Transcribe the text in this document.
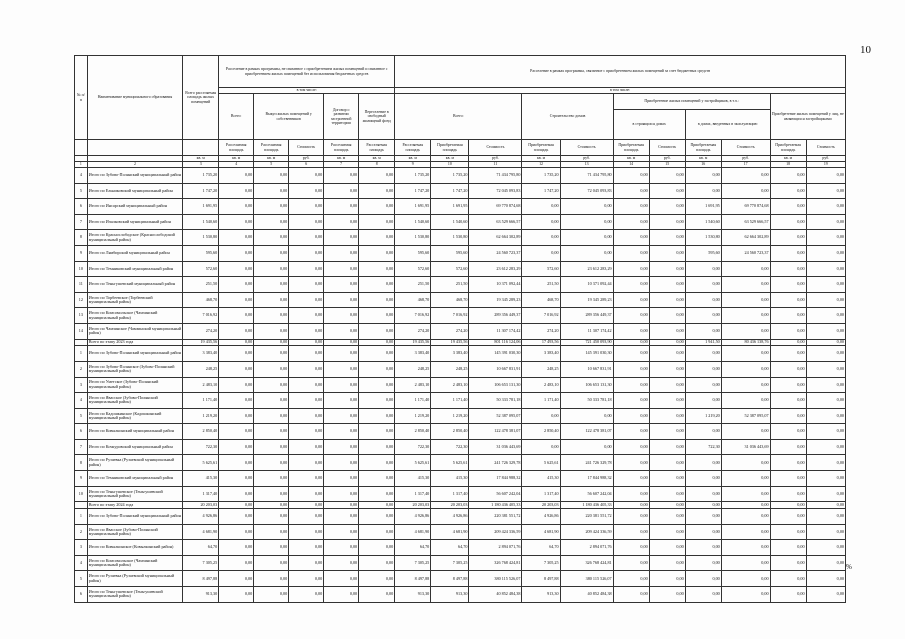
10
№ п/п	Наименование муниципального образования	Всего расселяемая площадь жилых помещений	Расселение в рамках программы, не связанное с приобретением жилых помещений и связанное с приобретением жилых помещений без использования бюджетных средств					Расселение в рамках программы, связанное с приобретением жилых помещений за счет бюджетных средств										
			в том числе:					в том числе:										
			Всего:	Выкуп жилых помещений у собственников		Договор о развитии застроенной территории	Переселение в свободный жилищный фонд	Всего:			Строительство домов		Приобретение жилых помещений у застройщиков, в т.ч.:				Приобретение жилых помещений у лиц, не являющихся застройщиками	
													в строящихся домах		в домах, введенных в эксплуатацию			
			Расселяемая площадь	Расселяемая площадь	Стоимость	Расселяемая площадь	Расселяемая площадь	Расселяемая площадь	Приобретаемая площадь	Стоимость	Приобретаемая площадь	Стоимость	Приобретаемая площадь	Стоимость	Приобретаемая площадь	Стоимость	Приобретаемая площадь	Стоимость
		кв. м	кв. м	кв. м	руб.	кв. м	кв. м	кв. м	кв. м	руб.	кв. м	руб.	кв. м	руб.	кв. м	руб.	кв. м	руб.
1	2	3	4	5	6	7	8	9	10	11	12	13	14	15	16	17	18	19
4	Итого по Зубово-Полянский муниципальный район	1 735,20	0,00	0,00	0,00	0,00	0,00	1 735,20	1 735,20	71 434 795,80	1 735,20	71 434 795,80	0,00	0,00	0,00	0,00	0,00	0,00
5	Итого по Ельниковский муниципальный район	1 747,20	0,00	0,00	0,00	0,00	0,00	1 747,20	1 747,20	72 045 093,83	1 747,20	72 045 093,83	0,00	0,00	0,00	0,00	0,00	0,00
6	Итого по Инсарский муниципальный район	1 691,95	0,00	0,00	0,00	0,00	0,00	1 691,95	1 691,95	69 770 874,68	0,00	0,00	0,00	0,00	1 691,95	69 770 874,68	0,00	0,00
7	Итого по Ичалковский муниципальный район	1 540,60	0,00	0,00	0,00	0,00	0,00	1 540,60	1 540,60	63 529 666,57	0,00	0,00	0,00	0,00	1 540,60	63 529 666,57	0,00	0,00
8	Итого по Краснослободское (Краснослободский муниципальный район)	1 530,80	0,00	0,00	0,00	0,00	0,00	1 530,80	1 530,80	62 664 302,89	0,00	0,00	0,00	0,00	1 530,80	62 664 302,89	0,00	0,00
9	Итого по Лямбирский муниципальный район	595,60	0,00	0,00	0,00	0,00	0,00	595,60	595,60	24 560 723,37	0,00	0,00	0,00	0,00	595,60	24 560 723,37	0,00	0,00
10	Итого по Темниковский муниципальный район	572,60	0,00	0,00	0,00	0,00	0,00	572,60	572,60	23 612 283,29	572,60	23 612 283,29	0,00	0,00	0,00	0,00	0,00	0,00
11	Итого по Теньгушевский муниципальный район	251,50	0,00	0,00	0,00	0,00	0,00	251,50	251,50	10 371 092,44	251,50	10 371 092,44	0,00	0,00	0,00	0,00	0,00	0,00
12	Итого по Торбеевское (Торбеевский муниципальный район)	468,70	0,00	0,00	0,00	0,00	0,00	468,70	468,70	19 345 289,23	468,70	19 345 289,23	0,00	0,00	0,00	0,00	0,00	0,00
13	Итого по Комсомольское (Чамзинский муниципальный район)	7 016,92	0,00	0,00	0,00	0,00	0,00	7 016,92	7 016,92	289 356 449,37	7 016,92	289 356 449,37	0,00	0,00	0,00	0,00	0,00	0,00
14	Итого по Чамзинское (Чамзинский муниципальный район)	274,20	0,00	0,00	0,00	0,00	0,00	274,20	274,20	11 307 174,42	274,20	11 307 174,42	0,00	0,00	0,00	0,00	0,00	0,00
	Всего по этапу 2023 года	19 435,56	0,00	0,00	0,00	0,00	0,00	19 435,56	19 435,56	801 116 124,06	17 493,56	721 450 093,90	0,00	0,00	1 941,50	80 436 138,76	0,00	0,00
1	Итого по Зубово-Полянский муниципальный район	3 383,40	0,00	0,00	0,00	0,00	0,00	3 383,40	3 383,40	145 391 030,30	3 383,40	145 391 030,30	0,00	0,00	0,00	0,00	0,00	0,00
2	Итого по Зубово-Полянское (Зубово-Полянский муниципальный район)	248,25	0,00	0,00	0,00	0,00	0,00	248,25	248,25	10 667 831,91	248,25	10 667 831,91	0,00	0,00	0,00	0,00	0,00	0,00
3	Итого по Уметское (Зубово-Полянский муниципальный район)	2 483,10	0,00	0,00	0,00	0,00	0,00	2 483,10	2 483,10	106 653 131,30	2 483,10	106 653 131,30	0,00	0,00	0,00	0,00	0,00	0,00
4	Итого по Явасское (Зубово-Полянский муниципальный район)	1 171,40	0,00	0,00	0,00	0,00	0,00	1 171,40	1 171,40	50 333 781,18	1 171,40	50 333 781,18	0,00	0,00	0,00	0,00	0,00	0,00
5	Итого по Кадошкинское (Кадошкинский муниципальный район)	1 219,20	0,00	0,00	0,00	0,00	0,00	1 219,20	1 219,20	52 387 095,07	0,00	0,00	0,00	0,00	1 219,20	52 387 095,07	0,00	0,00
6	Итого по Ковылкинский муниципальный район	2 850,40	0,00	0,00	0,00	0,00	0,00	2 850,40	2 850,40	122 478 381,07	2 850,40	122 478 381,07	0,00	0,00	0,00	0,00	0,00	0,00
7	Итого по Кочкуровский муниципальный район	722,30	0,00	0,00	0,00	0,00	0,00	722,30	722,30	31 036 443,69	0,00	0,00	0,00	0,00	722,30	31 036 443,69	0,00	0,00
8	Итого по Рузаевка (Рузаевский муниципальный район)	5 625,61	0,00	0,00	0,00	0,00	0,00	5 625,61	5 625,61	241 726 329,78	5 625,61	241 726 329,78	0,00	0,00	0,00	0,00	0,00	0,00
9	Итого по Темниковский муниципальный район	415,30	0,00	0,00	0,00	0,00	0,00	415,30	415,30	17 844 988,32	415,30	17 844 988,32	0,00	0,00	0,00	0,00	0,00	0,00
10	Итого по Теньгушевское (Теньгушевский муниципальный район)	1 317,40	0,00	0,00	0,00	0,00	0,00	1 317,40	1 317,40	56 607 242,04	1 317,40	56 607 242,04	0,00	0,00	0,00	0,00	0,00	0,00
	Всего по этапу 2024 года	20 203,03	0,00	0,00	0,00	0,00	0,00	20 203,03	20 203,03	1 180 436 405,33	20 203,03	1 180 436 405,33	0,00	0,00	0,00	0,00	0,00	0,00
1	Итого по Зубово-Полянский муниципальный район	4 926,86	0,00	0,00	0,00	0,00	0,00	4 926,86	4 926,86	220 381 551,72	4 926,86	220 381 551,72	0,00	0,00	0,00	0,00	0,00	0,00
2	Итого по Явасское (Зубово-Полянский муниципальный район)	4 681,90	0,00	0,00	0,00	0,00	0,00	4 681,90	4 681,90	209 424 336,59	4 681,90	209 424 336,59	0,00	0,00	0,00	0,00	0,00	0,00
3	Итого по Ковылкинское (Ковылкинский район)	64,70	0,00	0,00	0,00	0,00	0,00	64,70	64,70	2 894 071,76	64,70	2 894 071,76	0,00	0,00	0,00	0,00	0,00	0,00
4	Итого по Комсомольское (Чамзинский муниципальный район)	7 305,25	0,00	0,00	0,00	0,00	0,00	7 305,25	7 305,25	326 768 424,81	7 305,25	326 768 424,81	0,00	0,00	0,00	0,00	0,00	0,00
5	Итого по Рузаевка (Рузаевский муниципальный район)	8 497,88	0,00	0,00	0,00	0,00	0,00	8 497,88	8 497,88	380 115 526,07	8 497,88	380 115 526,07	0,00	0,00	0,00	0,00	0,00	0,00
6	Итого по Теньгушевское (Теньгушевский муниципальный район)	913,30	0,00	0,00	0,00	0,00	0,00	913,30	913,30	40 852 484,38	913,30	40 852 484,38	0,00	0,00	0,00	0,00	0,00	0,00
%
